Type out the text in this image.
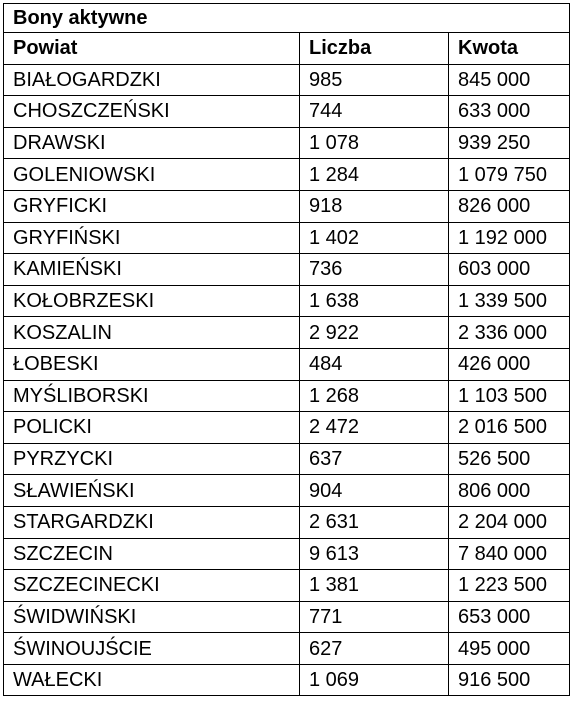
Bony aktywne		
Powiat	Liczba	Kwota
BIAŁOGARDZKI	985	845 000
CHOSZCZEŃSKI	744	633 000
DRAWSKI	1 078	939 250
GOLENIOWSKI	1 284	1 079 750
GRYFICKI	918	826 000
GRYFIŃSKI	1 402	1 192 000
KAMIEŃSKI	736	603 000
KOŁOBRZESKI	1 638	1 339 500
KOSZALIN	2 922	2 336 000
ŁOBESKI	484	426 000
MYŚLIBORSKI	1 268	1 103 500
POLICKI	2 472	2 016 500
PYRZYCKI	637	526 500
SŁAWIEŃSKI	904	806 000
STARGARDZKI	2 631	2 204 000
SZCZECIN	9 613	7 840 000
SZCZECINECKI	1 381	1 223 500
ŚWIDWIŃSKI	771	653 000
ŚWINOUJŚCIE	627	495 000
WAŁECKI	1 069	916 500
